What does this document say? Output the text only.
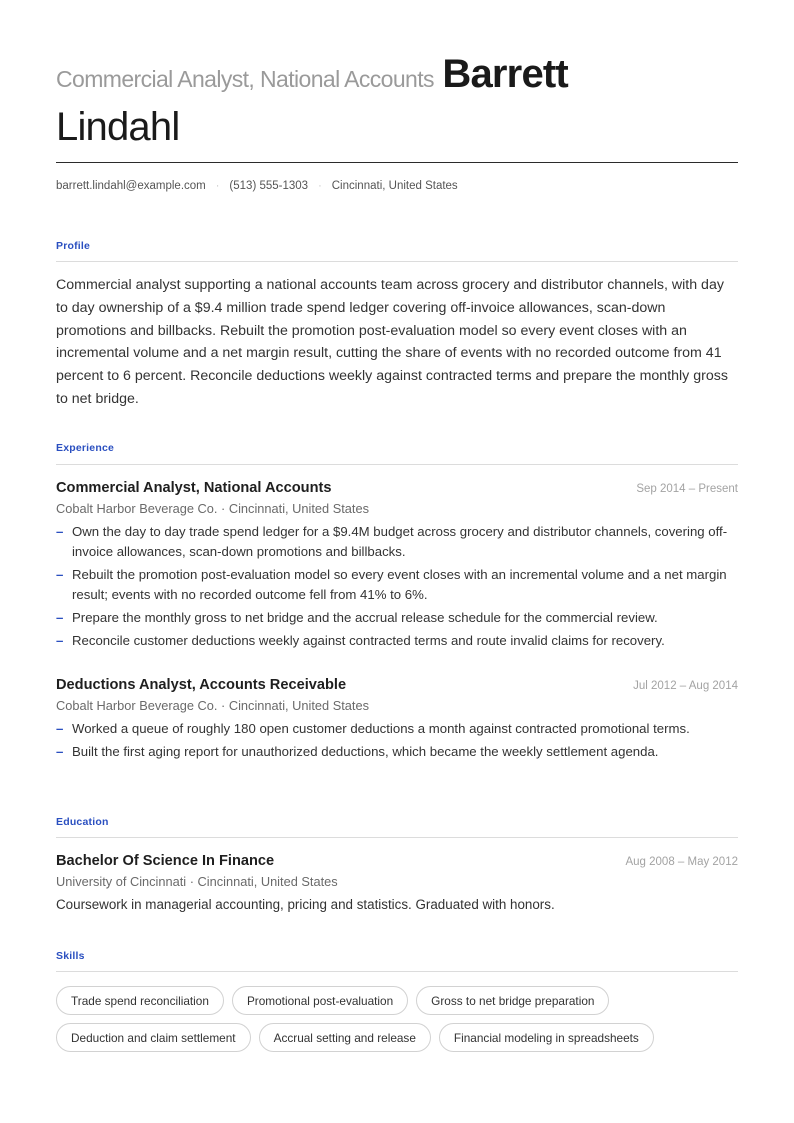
Commercial Analyst, National Accounts Barrett
Lindahl
barrett.lindahl@example.com · (513) 555-1303 · Cincinnati, United States
Profile

Commercial analyst supporting a national accounts team across grocery and distributor channels, with day to day ownership of a $9.4 million trade spend ledger covering off-invoice allowances, scan-down promotions and billbacks. Rebuilt the promotion post-evaluation model so every event closes with an incremental volume and a net margin result, cutting the share of events with no recorded outcome from 41 percent to 6 percent. Reconcile deductions weekly against contracted terms and prepare the monthly gross to net bridge.

Experience
Commercial Analyst, National Accounts	Sep 2014 – Present
Cobalt Harbor Beverage Co. · Cincinnati, United States
– Own the day to day trade spend ledger for a $9.4M budget across grocery and distributor channels, covering off-invoice allowances, scan-down promotions and billbacks.
– Rebuilt the promotion post-evaluation model so every event closes with an incremental volume and a net margin result; events with no recorded outcome fell from 41% to 6%.
– Prepare the monthly gross to net bridge and the accrual release schedule for the commercial review.
– Reconcile customer deductions weekly against contracted terms and route invalid claims for recovery.
Deductions Analyst, Accounts Receivable	Jul 2012 – Aug 2014
Cobalt Harbor Beverage Co. · Cincinnati, United States
– Worked a queue of roughly 180 open customer deductions a month against contracted promotional terms.
– Built the first aging report for unauthorized deductions, which became the weekly settlement agenda.
Education
Bachelor Of Science In Finance	Aug 2008 – May 2012
University of Cincinnati · Cincinnati, United States
Coursework in managerial accounting, pricing and statistics. Graduated with honors.
Skills
Trade spend reconciliation	Promotional post-evaluation	Gross to net bridge preparation
Deduction and claim settlement	Accrual setting and release	Financial modeling in spreadsheets
